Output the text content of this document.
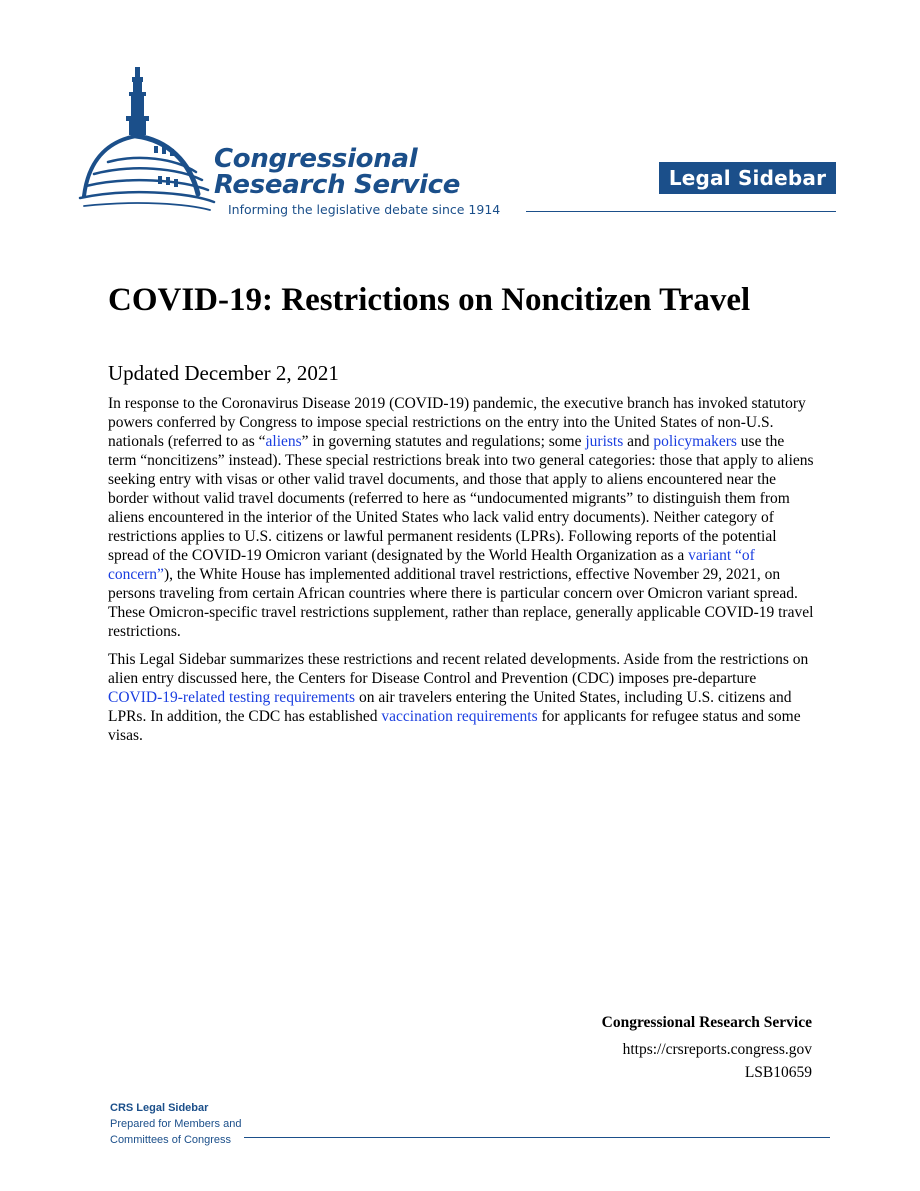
Congressional
Research Service
Informing the legislative debate since 1914
Legal Sidebar
COVID-19: Restrictions on Noncitizen Travel
Updated December 2, 2021

In response to the Coronavirus Disease 2019 (COVID-19) pandemic, the executive branch has invoked statutory powers conferred by Congress to impose special restrictions on the entry into the United States of non-U.S. nationals (referred to as “aliens” in governing statutes and regulations; some jurists and policymakers use the term “noncitizens” instead). These special restrictions break into two general categories: those that apply to aliens seeking entry with visas or other valid travel documents, and those that apply to aliens encountered near the border without valid travel documents (referred to here as “undocumented migrants” to distinguish them from aliens encountered in the interior of the United States who lack valid entry documents). Neither category of restrictions applies to U.S. citizens or lawful permanent residents (LPRs). Following reports of the potential spread of the COVID-19 Omicron variant (designated by the World Health Organization as a variant “of concern”), the White House has implemented additional travel restrictions, effective November 29, 2021, on persons traveling from certain African countries where there is particular concern over Omicron variant spread. These Omicron-specific travel restrictions supplement, rather than replace, generally applicable COVID-19 travel restrictions.

This Legal Sidebar summarizes these restrictions and recent related developments. Aside from the restrictions on alien entry discussed here, the Centers for Disease Control and Prevention (CDC) imposes pre-departure COVID-19-related testing requirements on air travelers entering the United States, including U.S. citizens and LPRs. In addition, the CDC has established vaccination requirements for applicants for refugee status and some visas.

Congressional Research Service
https://crsreports.congress.gov
LSB10659
CRS Legal Sidebar
Prepared for Members and
Committees of Congress
